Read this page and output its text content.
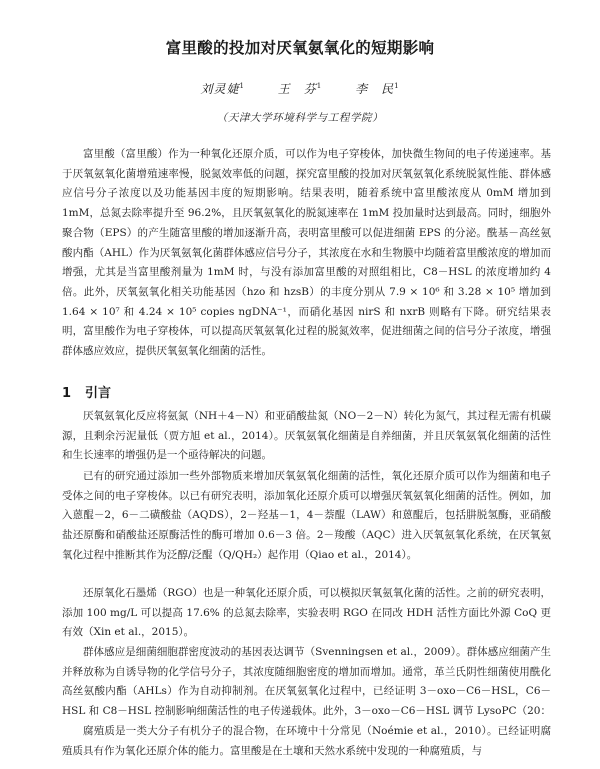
富里酸的投加对厌氧氨氧化的短期影响
刘灵婕$^1$	王　芬$^1$	李　民$^1$
（天津大学环境科学与工程学院）

富里酸（富里酸）作为一种氧化还原介质，可以作为电子穿梭体，加快微生物间的电子传递速率。基于厌氧氨氧化菌增殖速率慢，脱氮效率低的问题，探究富里酸的投加对厌氧氨氧化系统脱氮性能、群体感应信号分子浓度以及功能基因丰度的短期影响。结果表明，随着系统中富里酸浓度从 0mM 增加到 1mM，总氮去除率提升至 96.2%，且厌氧氨氧化的脱氮速率在 1mM 投加量时达到最高。同时，细胞外聚合物（EPS）的产生随富里酸的增加逐渐升高，表明富里酸可以促进细菌 EPS 的分泌。酰基－高丝氨酸内酯（AHL）作为厌氧氨氧化菌群体感应信号分子，其浓度在水和生物膜中均随着富里酸浓度的增加而增强，尤其是当富里酸剂量为 1mM 时，与没有添加富里酸的对照组相比，C8－HSL 的浓度增加约 4 倍。此外，厌氧氨氧化相关功能基因（hzo 和 hzsB）的丰度分别从 7.9 × 10⁶ 和 3.28 × 10⁵ 增加到 1.64 × 10⁷ 和 4.24 × 10⁵ copies ngDNA⁻¹，而硝化基因 nirS 和 nxrB 则略有下降。研究结果表明，富里酸作为电子穿梭体，可以提高厌氧氨氧化过程的脱氮效率，促进细菌之间的信号分子浓度，增强群体感应效应，提供厌氧氨氧化细菌的活性。

1 引言

厌氧氨氧化反应将氨氮（NH＋4－N）和亚硝酸盐氮（NO－2－N）转化为氮气，其过程无需有机碳源，且剩余污泥量低（贾方旭 et al.，2014）。厌氧氨氧化细菌是自养细菌，并且厌氧氨氧化细菌的活性和生长速率的增强仍是一个亟待解决的问题。

已有的研究通过添加一些外部物质来增加厌氧氨氧化细菌的活性，氧化还原介质可以作为细菌和电子受体之间的电子穿梭体。以已有研究表明，添加氧化还原介质可以增强厌氧氨氧化细菌的活性。例如，加入蒽醌－2，6－二磺酸盐（AQDS），2－羟基－1，4－萘醌（LAW）和蒽醌后，包括肼脱氢酶，亚硝酸盐还原酶和硝酸盐还原酶活性的酶可增加 0.6－3 倍。2－羧酸（AQC）进入厌氧氨氧化系统，在厌氧氨氧化过程中推断其作为泛醇/泛醌（Q/QH₂）起作用（Qiao et al.，2014）。

还原氧化石墨烯（RGO）也是一种氧化还原介质，可以模拟厌氧氨氧化菌的活性。之前的研究表明，添加 100 mg/L 可以提高 17.6% 的总氮去除率，实验表明 RGO 在同改 HDH 活性方面比外源 CoQ 更有效（Xin et al.，2015）。

群体感应是细菌细胞群密度波动的基因表达调节（Svenningsen et al.，2009）。群体感应细菌产生并释放称为自诱导物的化学信号分子，其浓度随细胞密度的增加而增加。通常，革兰氏阴性细菌使用酰化高丝氨酸内酯（AHLs）作为自动抑制剂。在厌氧氨氧化过程中，已经证明 3－oxo－C6－HSL，C6－HSL 和 C8－HSL 控制影响细菌活性的电子传递载体。此外，3－oxo－C6－HSL 调节 LysoPC（20：

腐殖质是一类大分子有机分子的混合物，在环境中十分常见（Noémie et al.，2010）。已经证明腐殖质具有作为氧化还原介体的能力。富里酸是在土壤和天然水系统中发现的一种腐殖质，与
